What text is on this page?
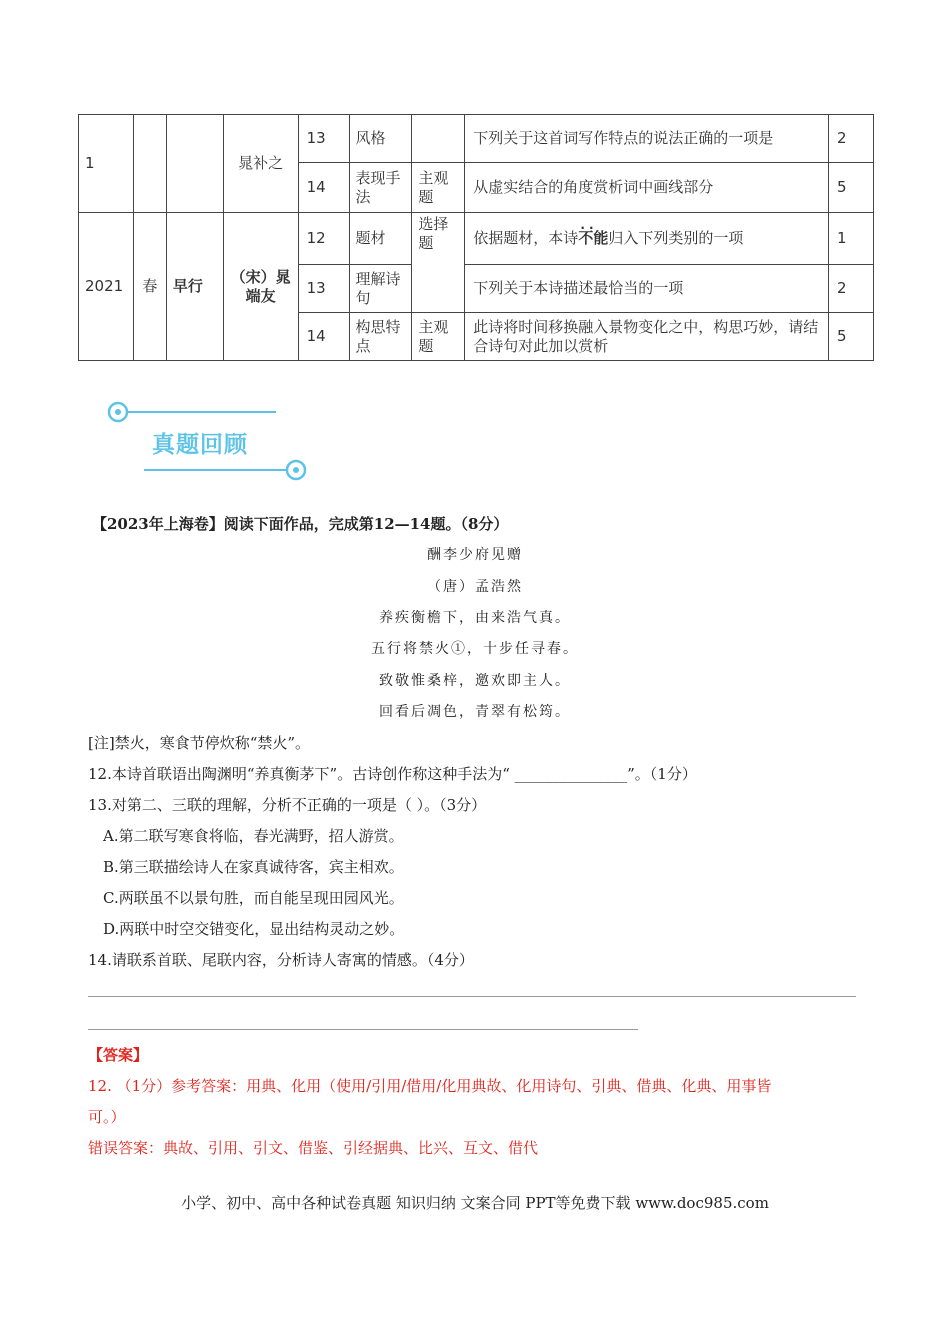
1			晁补之	13	风格		下列关于这首词写作特点的说法正确的一项是	2
				14	表现手法	主观题	从虚实结合的角度赏析词中画线部分	5
2021	春	早行	（宋）晁端友	12	题材	选择题	依据题材，本诗· · 不能归入下列类别的一项	1
				13	理解诗句		下列关于本诗描述最恰当的一项	2
				14	构思特点	主观题	此诗将时间移换融入景物变化之中，构思巧妙，请结合诗句对此加以赏析	5
真题回顾
【2023年上海卷】阅读下面作品，完成第12—14题。（8分）
酬李少府见赠
（唐）孟浩然
养疾衡檐下，由来浩气真。
五行将禁火①，十步任寻春。
致敬惟桑梓，邀欢即主人。
回看后凋色，青翠有松筠。
[注]禁火，寒食节停炊称“禁火”。
12.本诗首联语出陶渊明“养真衡茅下”。古诗创作称这种手法为“ _______________”。（1分）
13.对第二、三联的理解，分析不正确的一项是（ ）。（3分）
A.第二联写寒食将临，春光满野，招人游赏。
B.第三联描绘诗人在家真诚待客，宾主相欢。
C.两联虽不以景句胜，而自能呈现田园风光。
D.两联中时空交错变化，显出结构灵动之妙。
14.请联系首联、尾联内容，分析诗人寄寓的情感。（4分）
【答案】
12. （1分）参考答案：用典、化用（使用/引用/借用/化用典故、化用诗句、引典、借典、化典、用事皆
可。）
错误答案：典故、引用、引文、借鉴、引经据典、比兴、互文、借代
小学、初中、高中各种试卷真题 知识归纳 文案合同 PPT等免费下载 www.doc985.com
